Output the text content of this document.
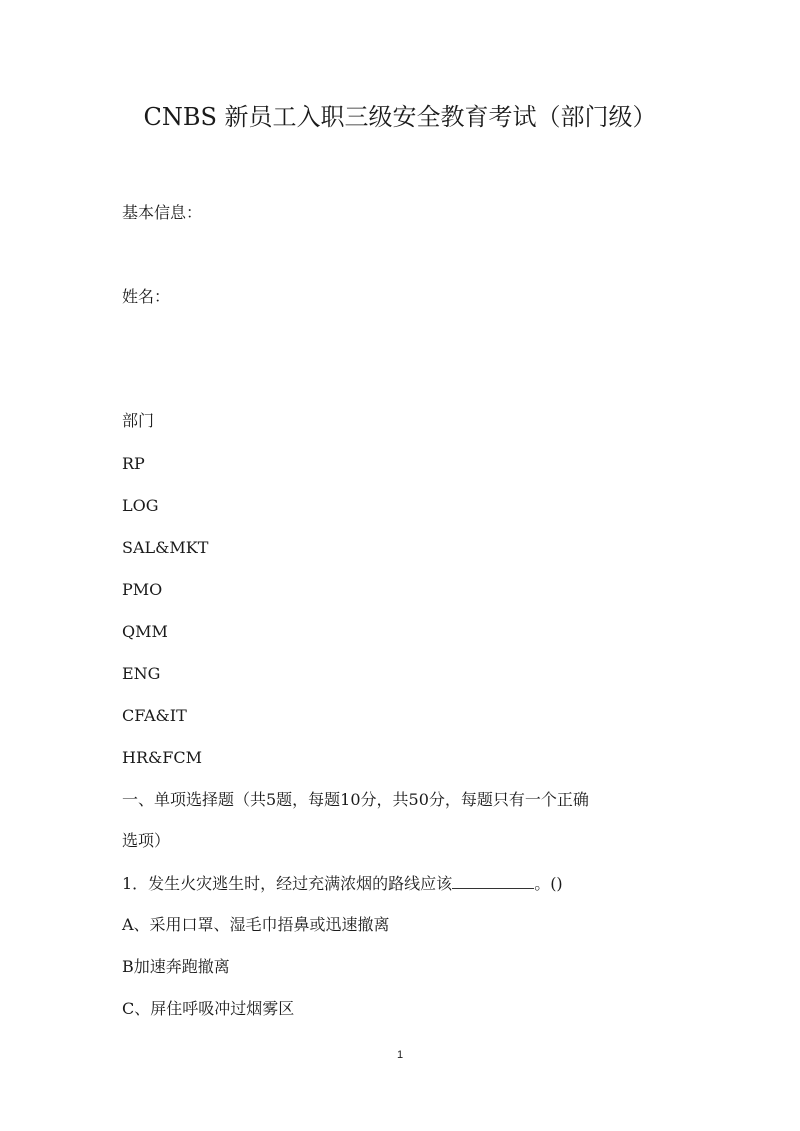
CNBS 新员工入职三级安全教育考试（部门级）
基本信息：
姓名：
部门
RP
LOG
SAL&MKT
PMO
QMM
ENG
CFA&IT
HR&FCM
一、单项选择题（共5题，每题10分，共50分，每题只有一个正确
选项）
1．发生火灾逃生时，经过充满浓烟的路线应该	。()
A、采用口罩、湿毛巾捂鼻或迅速撤离
B加速奔跑撤离
C、屏住呼吸冲过烟雾区
1
